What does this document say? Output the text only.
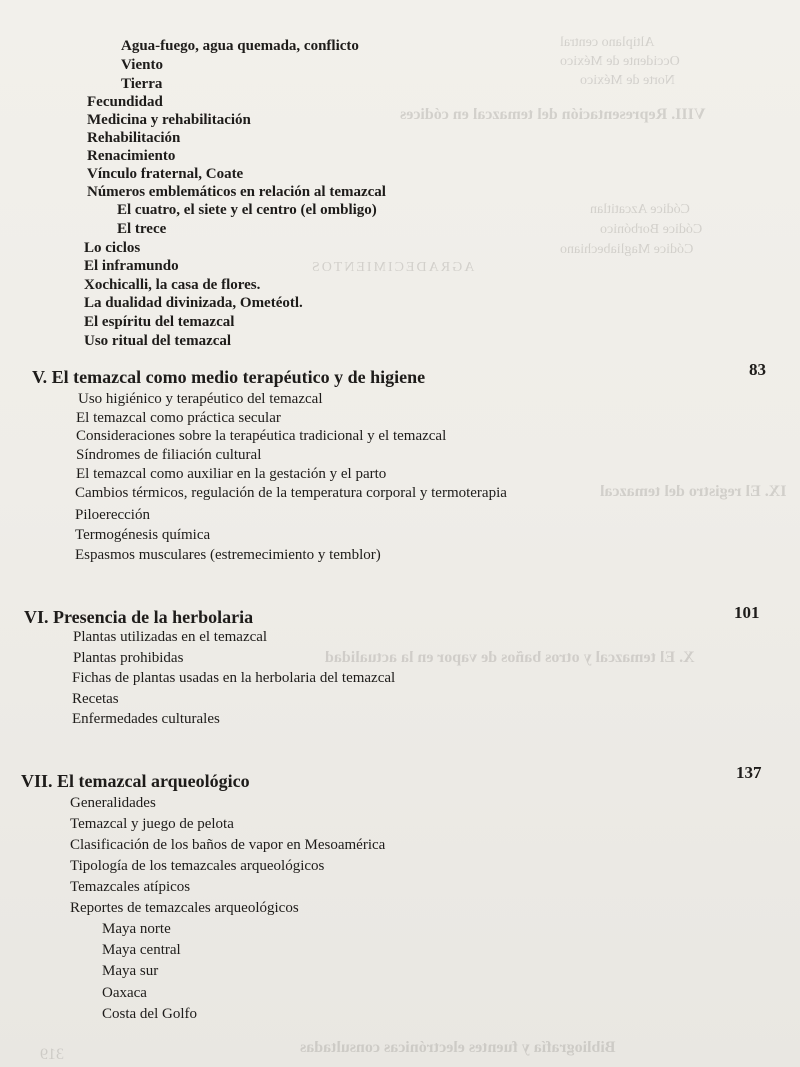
Altiplano central
Occidente de México
Norte de México
VIII. Representación del temazcal en códices
Códice Azcatitlan
Códice Borbónico
Códice Magliabechiano
AGRADECIMIENTOS
IX. El registro del temazcal
X. El temazcal y otros baños de vapor en la actualidad
Bibliografía y fuentes electrónicas consultadas
319
Agua-fuego, agua quemada, conflicto
Viento
Tierra
Fecundidad
Medicina y rehabilitación
Rehabilitación
Renacimiento
Vínculo fraternal, Coate
Números emblemáticos en relación al temazcal
El cuatro, el siete y el centro (el ombligo)
El trece
Lo ciclos
El inframundo
Xochicalli, la casa de flores.
La dualidad divinizada, Ometéotl.
El espíritu del temazcal
Uso ritual del temazcal
V. El temazcal como medio terapéutico y de higiene	83
Uso higiénico y terapéutico del temazcal
El temazcal como práctica secular
Consideraciones sobre la terapéutica tradicional y el temazcal
Síndromes de filiación cultural
El temazcal como auxiliar en la gestación y el parto
Cambios térmicos, regulación de la temperatura corporal y termoterapia
Piloerección
Termogénesis química
Espasmos musculares (estremecimiento y temblor)
VI. Presencia de la herbolaria	101
Plantas utilizadas en el temazcal
Plantas prohibidas
Fichas de plantas usadas en la herbolaria del temazcal
Recetas
Enfermedades culturales
VII. El temazcal arqueológico	137
Generalidades
Temazcal y juego de pelota
Clasificación de los baños de vapor en Mesoamérica
Tipología de los temazcales arqueológicos
Temazcales atípicos
Reportes de temazcales arqueológicos
Maya norte
Maya central
Maya sur
Oaxaca
Costa del Golfo
